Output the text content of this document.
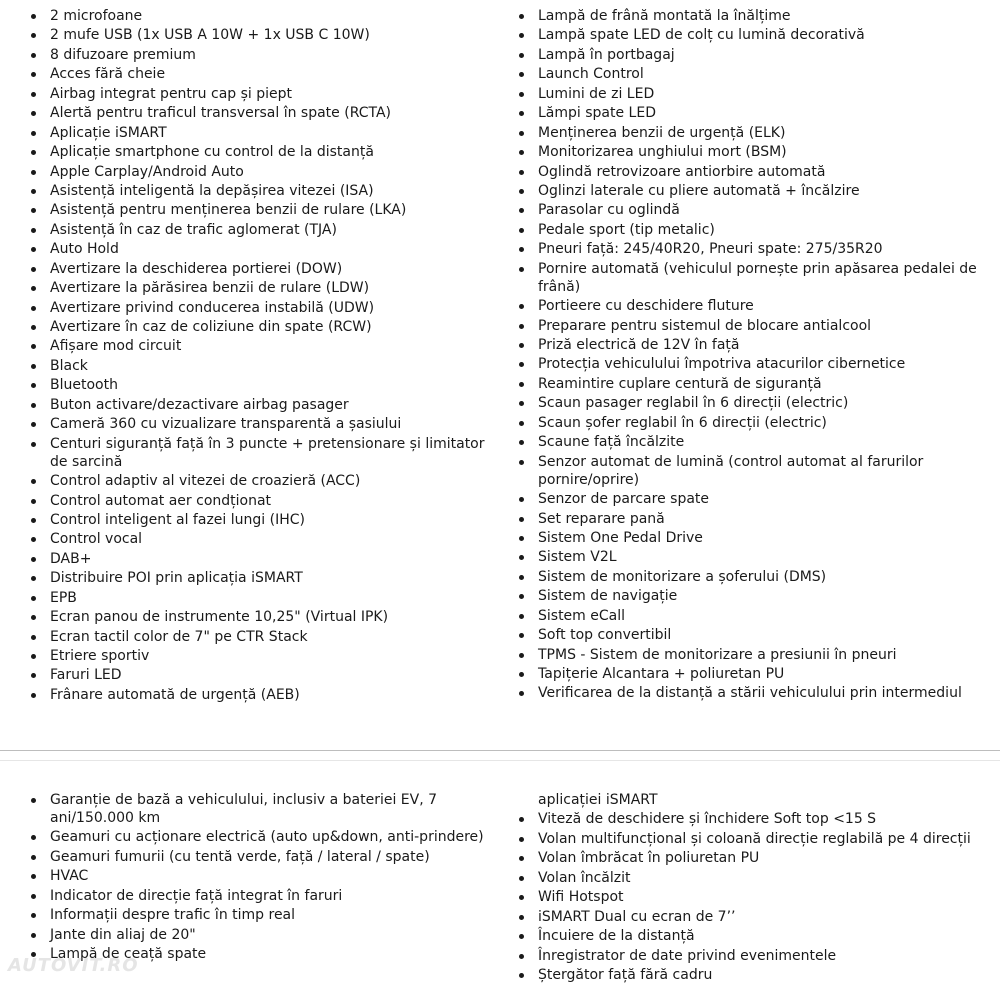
2 microfoane
2 mufe USB (1x USB A 10W + 1x USB C 10W)
8 difuzoare premium
Acces fără cheie
Airbag integrat pentru cap și piept
Alertă pentru traficul transversal în spate (RCTA)
Aplicație iSMART
Aplicație smartphone cu control de la distanță
Apple Carplay/Android Auto
Asistență inteligentă la depășirea vitezei (ISA)
Asistență pentru menținerea benzii de rulare (LKA)
Asistență în caz de trafic aglomerat (TJA)
Auto Hold
Avertizare la deschiderea portierei (DOW)
Avertizare la părăsirea benzii de rulare (LDW)
Avertizare privind conducerea instabilă (UDW)
Avertizare în caz de coliziune din spate (RCW)
Afișare mod circuit
Black
Bluetooth
Buton activare/dezactivare airbag pasager
Cameră 360 cu vizualizare transparentă a șasiului
Centuri siguranță față în 3 puncte + pretensionare și limitator de sarcină
Control adaptiv al vitezei de croazieră (ACC)
Control automat aer condționat
Control inteligent al fazei lungi (IHC)
Control vocal
DAB+
Distribuire POI prin aplicația iSMART
EPB
Ecran panou de instrumente 10,25" (Virtual IPK)
Ecran tactil color de 7" pe CTR Stack
Etriere sportiv
Faruri LED
Frânare automată de urgență (AEB)
Lampă de frână montată la înălțime
Lampă spate LED de colț cu lumină decorativă
Lampă în portbagaj
Launch Control
Lumini de zi LED
Lămpi spate LED
Menținerea benzii de urgență (ELK)
Monitorizarea unghiului mort (BSM)
Oglindă retrovizoare antiorbire automată
Oglinzi laterale cu pliere automată + încălzire
Parasolar cu oglindă
Pedale sport (tip metalic)
Pneuri față: 245/40R20, Pneuri spate: 275/35R20
Pornire automată (vehiculul pornește prin apăsarea pedalei de frână)
Portieere cu deschidere fluture
Preparare pentru sistemul de blocare antialcool
Priză electrică de 12V în față
Protecția vehiculului împotriva atacurilor cibernetice
Reamintire cuplare centură de siguranță
Scaun pasager reglabil în 6 direcții (electric)
Scaun șofer reglabil în 6 direcții (electric)
Scaune față încălzite
Senzor automat de lumină (control automat al farurilor pornire/oprire)
Senzor de parcare spate
Set reparare pană
Sistem One Pedal Drive
Sistem V2L
Sistem de monitorizare a șoferului (DMS)
Sistem de navigație
Sistem eCall
Soft top convertibil
TPMS - Sistem de monitorizare a presiunii în pneuri
Tapițerie Alcantara + poliuretan PU
Verificarea de la distanță a stării vehiculului prin intermediul
Garanție de bază a vehiculului, inclusiv a bateriei EV, 7 ani/150.000 km
Geamuri cu acționare electrică (auto up&down, anti-prindere)
Geamuri fumurii (cu tentă verde, față / lateral / spate)
HVAC
Indicator de direcție față integrat în faruri
Informații despre trafic în timp real
Jante din aliaj de 20"
Lampă de ceață spate
aplicației iSMART
Viteză de deschidere și închidere Soft top <15 S
Volan multifuncțional și coloană direcție reglabilă pe 4 direcții
Volan îmbrăcat în poliuretan PU
Volan încălzit
Wifi Hotspot
iSMART Dual cu ecran de 7’’
Încuiere de la distanță
Înregistrator de date privind evenimentele
Ștergător față fără cadru
AUTOVIT.RO
